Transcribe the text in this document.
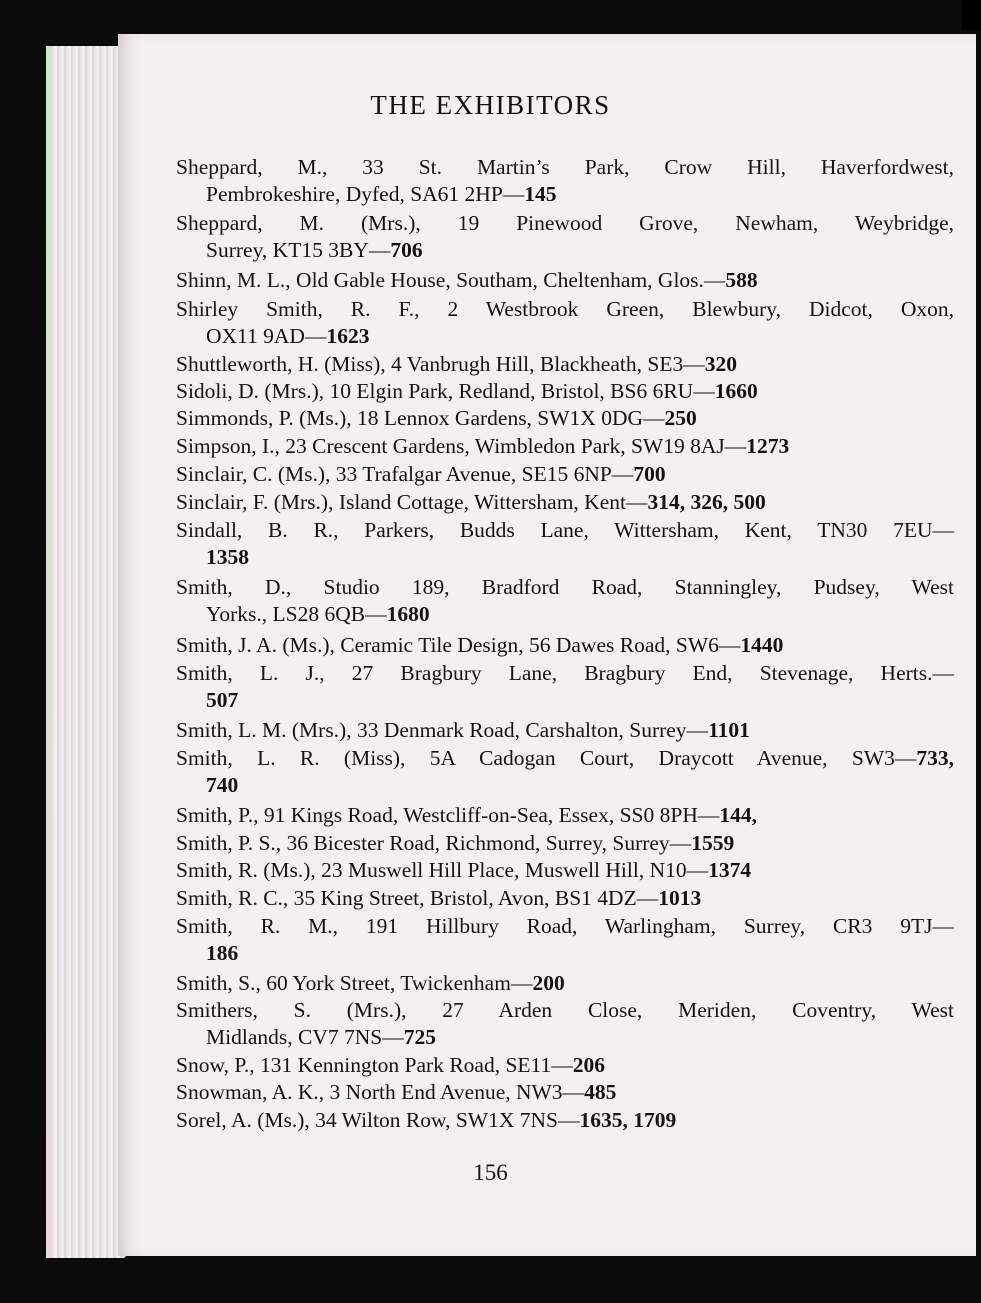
THE EXHIBITORS
Sheppard, M., 33 St. Martin’s Park, Crow Hill, Haverfordwest,
Pembrokeshire, Dyfed, SA61 2HP—145
Sheppard, M. (Mrs.), 19 Pinewood Grove, Newham, Weybridge,
Surrey, KT15 3BY—706
Shinn, M. L., Old Gable House, Southam, Cheltenham, Glos.—588
Shirley Smith, R. F., 2 Westbrook Green, Blewbury, Didcot, Oxon,
OX11 9AD—1623
Shuttleworth, H. (Miss), 4 Vanbrugh Hill, Blackheath, SE3—320
Sidoli, D. (Mrs.), 10 Elgin Park, Redland, Bristol, BS6 6RU—1660
Simmonds, P. (Ms.), 18 Lennox Gardens, SW1X 0DG—250
Simpson, I., 23 Crescent Gardens, Wimbledon Park, SW19 8AJ—1273
Sinclair, C. (Ms.), 33 Trafalgar Avenue, SE15 6NP—700
Sinclair, F. (Mrs.), Island Cottage, Wittersham, Kent—314, 326, 500
Sindall, B. R., Parkers, Budds Lane, Wittersham, Kent, TN30 7EU—
1358
Smith, D., Studio 189, Bradford Road, Stanningley, Pudsey, West
Yorks., LS28 6QB—1680
Smith, J. A. (Ms.), Ceramic Tile Design, 56 Dawes Road, SW6—1440
Smith, L. J., 27 Bragbury Lane, Bragbury End, Stevenage, Herts.—
507
Smith, L. M. (Mrs.), 33 Denmark Road, Carshalton, Surrey—1101
Smith, L. R. (Miss), 5A Cadogan Court, Draycott Avenue, SW3—733,
740
Smith, P., 91 Kings Road, Westcliff-on-Sea, Essex, SS0 8PH—144,
Smith, P. S., 36 Bicester Road, Richmond, Surrey, Surrey—1559
Smith, R. (Ms.), 23 Muswell Hill Place, Muswell Hill, N10—1374
Smith, R. C., 35 King Street, Bristol, Avon, BS1 4DZ—1013
Smith, R. M., 191 Hillbury Road, Warlingham, Surrey, CR3 9TJ—
186
Smith, S., 60 York Street, Twickenham—200
Smithers, S. (Mrs.), 27 Arden Close, Meriden, Coventry, West
Midlands, CV7 7NS—725
Snow, P., 131 Kennington Park Road, SE11—206
Snowman, A. K., 3 North End Avenue, NW3—485
Sorel, A. (Ms.), 34 Wilton Row, SW1X 7NS—1635, 1709
156
